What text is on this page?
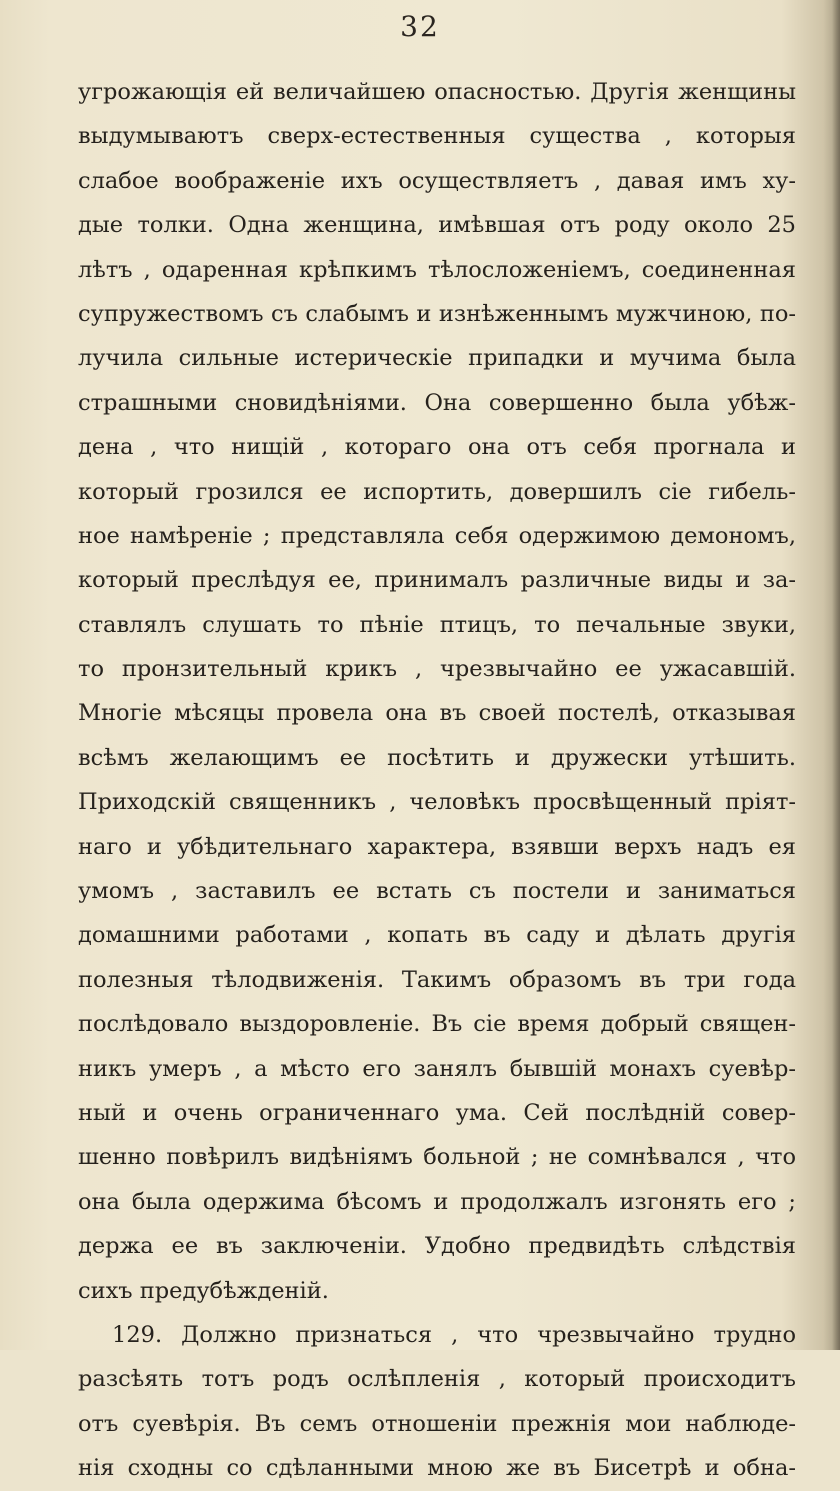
32
угрожающія ей величайшею опасностью. Другія женщины
выдумываютъ сверх-естественныя существа , которыя
слабое воображеніе ихъ осуществляетъ , давая имъ ху-
дые толки. Одна женщина, имѣвшая отъ роду около 25
лѣтъ , одаренная крѣпкимъ тѣлосложеніемъ, соединенная
супружествомъ съ слабымъ и изнѣженнымъ мужчиною, по-
лучила сильные истерическіе припадки и мучима была
страшными сновидѣніями. Она совершенно была убѣж-
дена , что нищій , котораго она отъ себя прогнала и
который грозился ее испортить, довершилъ сіе гибель-
ное намѣреніе ; представляла себя одержимою демономъ,
который преслѣдуя ее, принималъ различные виды и за-
ставлялъ слушать то пѣніе птицъ, то печальные звуки,
то пронзительный крикъ , чрезвычайно ее ужасавшій.
Многіе мѣсяцы провела она въ своей постелѣ, отказывая
всѣмъ желающимъ ее посѣтить и дружески утѣшить.
Приходскій священникъ , человѣкъ просвѣщенный пріят-
наго и убѣдительнаго характера, взявши верхъ надъ ея
умомъ , заставилъ ее встать съ постели и заниматься
домашними работами , копать въ саду и дѣлать другія
полезныя тѣлодвиженія. Такимъ образомъ въ три года
послѣдовало выздоровленіе. Въ сіе время добрый священ-
никъ умеръ , а мѣсто его занялъ бывшій монахъ суевѣр-
ный и очень ограниченнаго ума. Сей послѣдній совер-
шенно повѣрилъ видѣніямъ больной ; не сомнѣвался , что
она была одержима бѣсомъ и продолжалъ изгонять его ;
держа ее въ заключеніи. Удобно предвидѣть слѣдствія
сихъ предубѣжденій.
129. Должно признаться , что чрезвычайно трудно
разсѣять тотъ родъ ослѣпленія , который происходитъ
отъ суевѣрія. Въ семъ отношеніи прежнія мои наблюде-
нія сходны со сдѣланными мною же въ Бисетрѣ и обна-
